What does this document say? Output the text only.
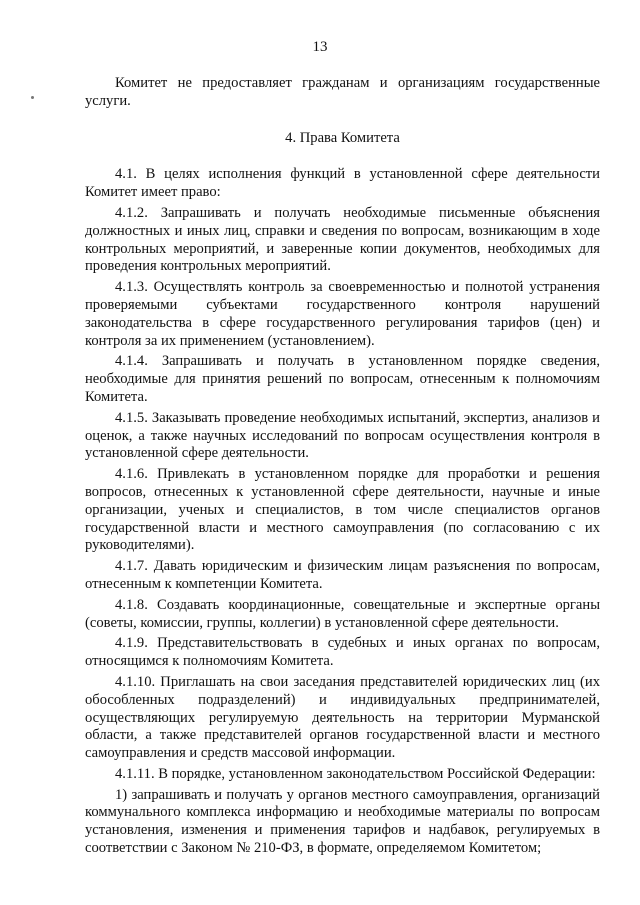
13

Комитет не предоставляет гражданам и организациям государственные услуги.

4. Права Комитета

4.1. В целях исполнения функций в установленной сфере деятельности Комитет имеет право:

4.1.2. Запрашивать и получать необходимые письменные объяснения должностных и иных лиц, справки и сведения по вопросам, возникающим в ходе контрольных мероприятий, и заверенные копии документов, необходимых для проведения контрольных мероприятий.

4.1.3. Осуществлять контроль за своевременностью и полнотой устранения проверяемыми субъектами государственного контроля нарушений законодательства в сфере государственного регулирования тарифов (цен) и контроля за их применением (установлением).

4.1.4. Запрашивать и получать в установленном порядке сведения, необходимые для принятия решений по вопросам, отнесенным к полномочиям Комитета.

4.1.5. Заказывать проведение необходимых испытаний, экспертиз, анализов и оценок, а также научных исследований по вопросам осуществления контроля в установленной сфере деятельности.

4.1.6. Привлекать в установленном порядке для проработки и решения вопросов, отнесенных к установленной сфере деятельности, научные и иные организации, ученых и специалистов, в том числе специалистов органов государственной власти и местного самоуправления (по согласованию с их руководителями).

4.1.7. Давать юридическим и физическим лицам разъяснения по вопросам, отнесенным к компетенции Комитета.

4.1.8. Создавать координационные, совещательные и экспертные органы (советы, комиссии, группы, коллегии) в установленной сфере деятельности.

4.1.9. Представительствовать в судебных и иных органах по вопросам, относящимся к полномочиям Комитета.

4.1.10. Приглашать на свои заседания представителей юридических лиц (их обособленных подразделений) и индивидуальных предпринимателей, осуществляющих регулируемую деятельность на территории Мурманской области, а также представителей органов государственной власти и местного самоуправления и средств массовой информации.

4.1.11. В порядке, установленном законодательством Российской Федерации:

1) запрашивать и получать у органов местного самоуправления, организаций коммунального комплекса информацию и необходимые материалы по вопросам установления, изменения и применения тарифов и надбавок, регулируемых в соответствии с Законом № 210-ФЗ, в формате, определяемом Комитетом;
